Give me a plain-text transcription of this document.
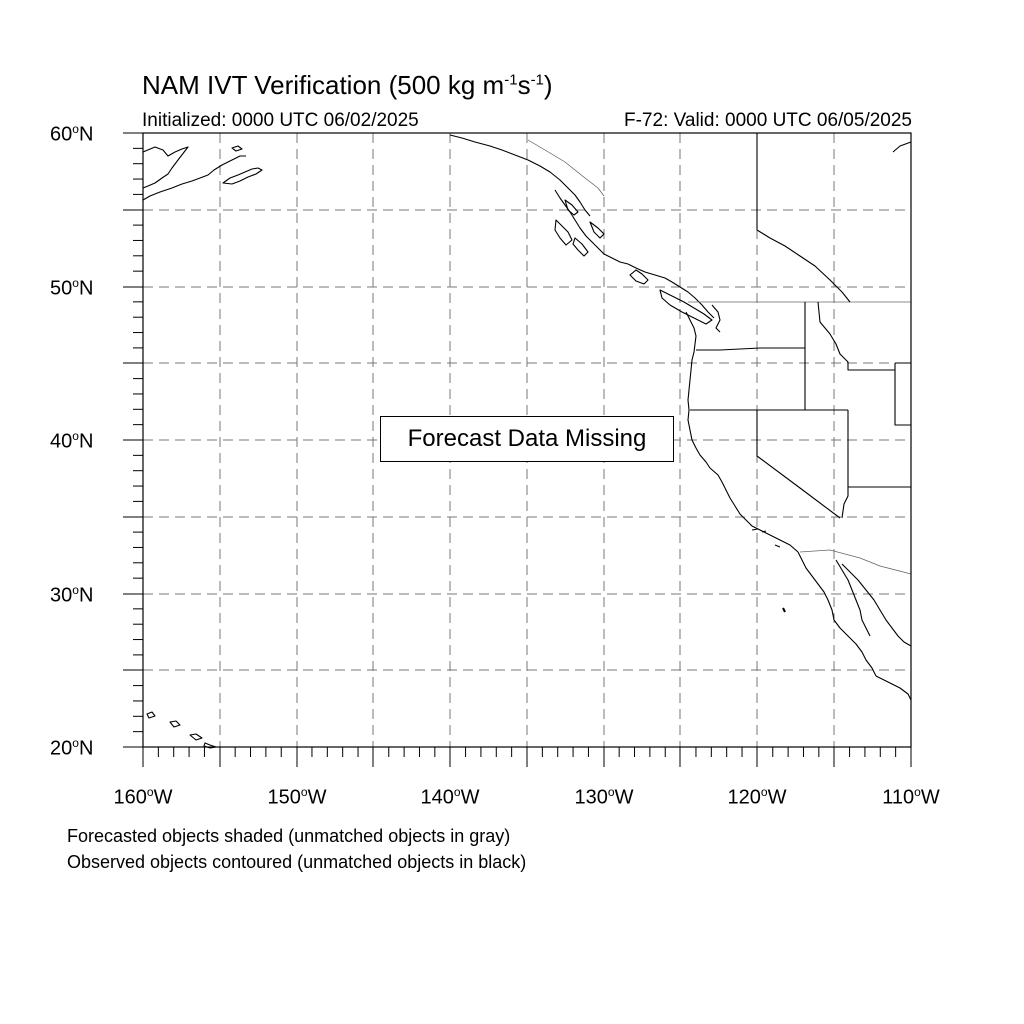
NAM IVT Verification (500 kg $m^{-1}s^{-1}$)
Initialized: 0000 UTC 06/02/2025	F-72: Valid: 0000 UTC 06/05/2025
60$^o$N
50$^o$N
40$^o$N
30$^o$N
20$^o$N
160$^o$W	150$^o$W	140$^o$W	130$^o$W	120$^o$W	110$^o$W
Forecast Data Missing
Forecasted objects shaded (unmatched objects in gray)
Observed objects contoured (unmatched objects in black)
